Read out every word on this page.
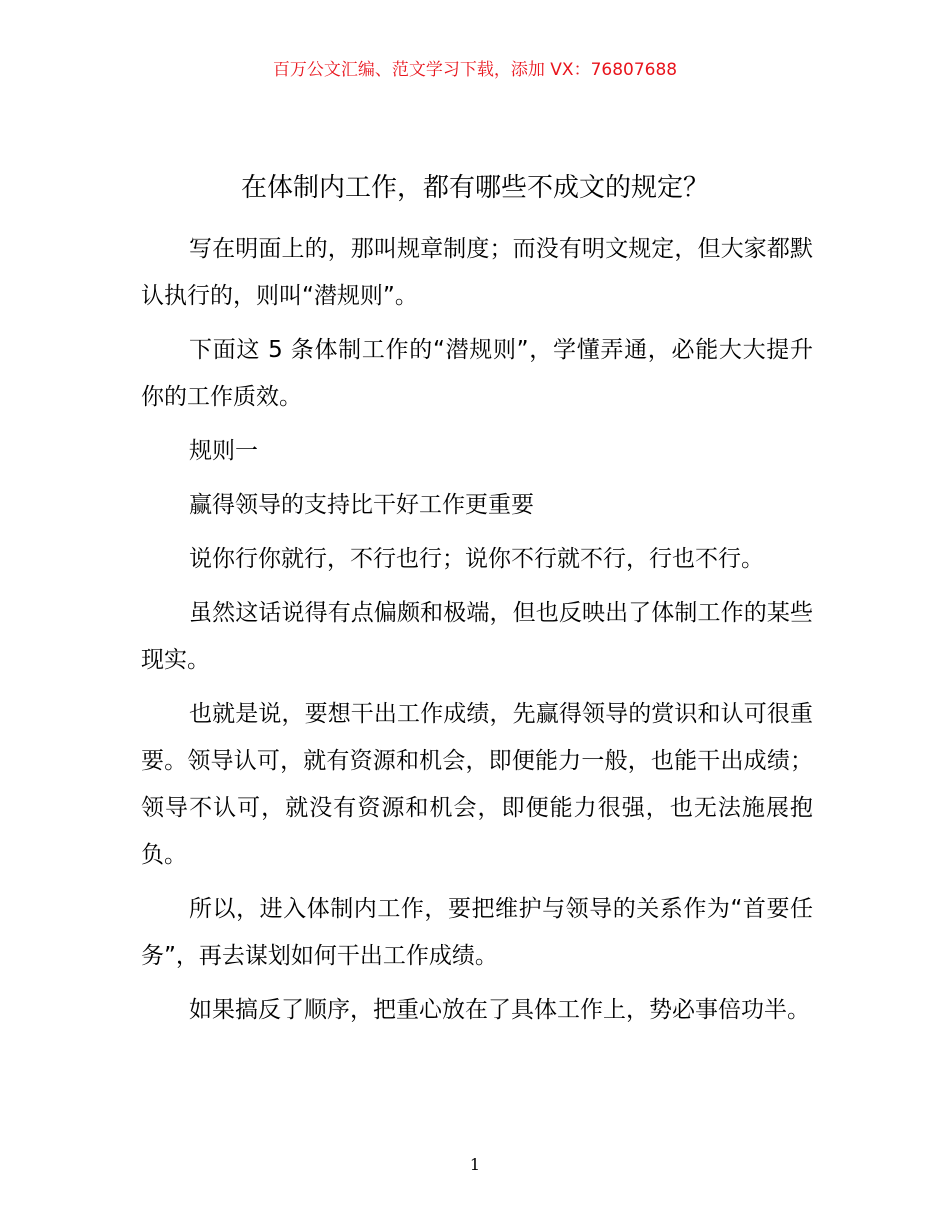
百万公文汇编、范文学习下载，添加 VX：76807688
在体制内工作，都有哪些不成文的规定？

写在明面上的，那叫规章制度；而没有明文规定，但大家都默认执行的，则叫“潜规则”。

下面这 5 条体制工作的“潜规则”，学懂弄通，必能大大提升你的工作质效。

规则一

赢得领导的支持比干好工作更重要

说你行你就行，不行也行；说你不行就不行，行也不行。

虽然这话说得有点偏颇和极端，但也反映出了体制工作的某些现实。

也就是说，要想干出工作成绩，先赢得领导的赏识和认可很重要。领导认可，就有资源和机会，即便能力一般，也能干出成绩；领导不认可，就没有资源和机会，即便能力很强，也无法施展抱负。

所以，进入体制内工作，要把维护与领导的关系作为“首要任务”，再去谋划如何干出工作成绩。

如果搞反了顺序，把重心放在了具体工作上，势必事倍功半。

1
